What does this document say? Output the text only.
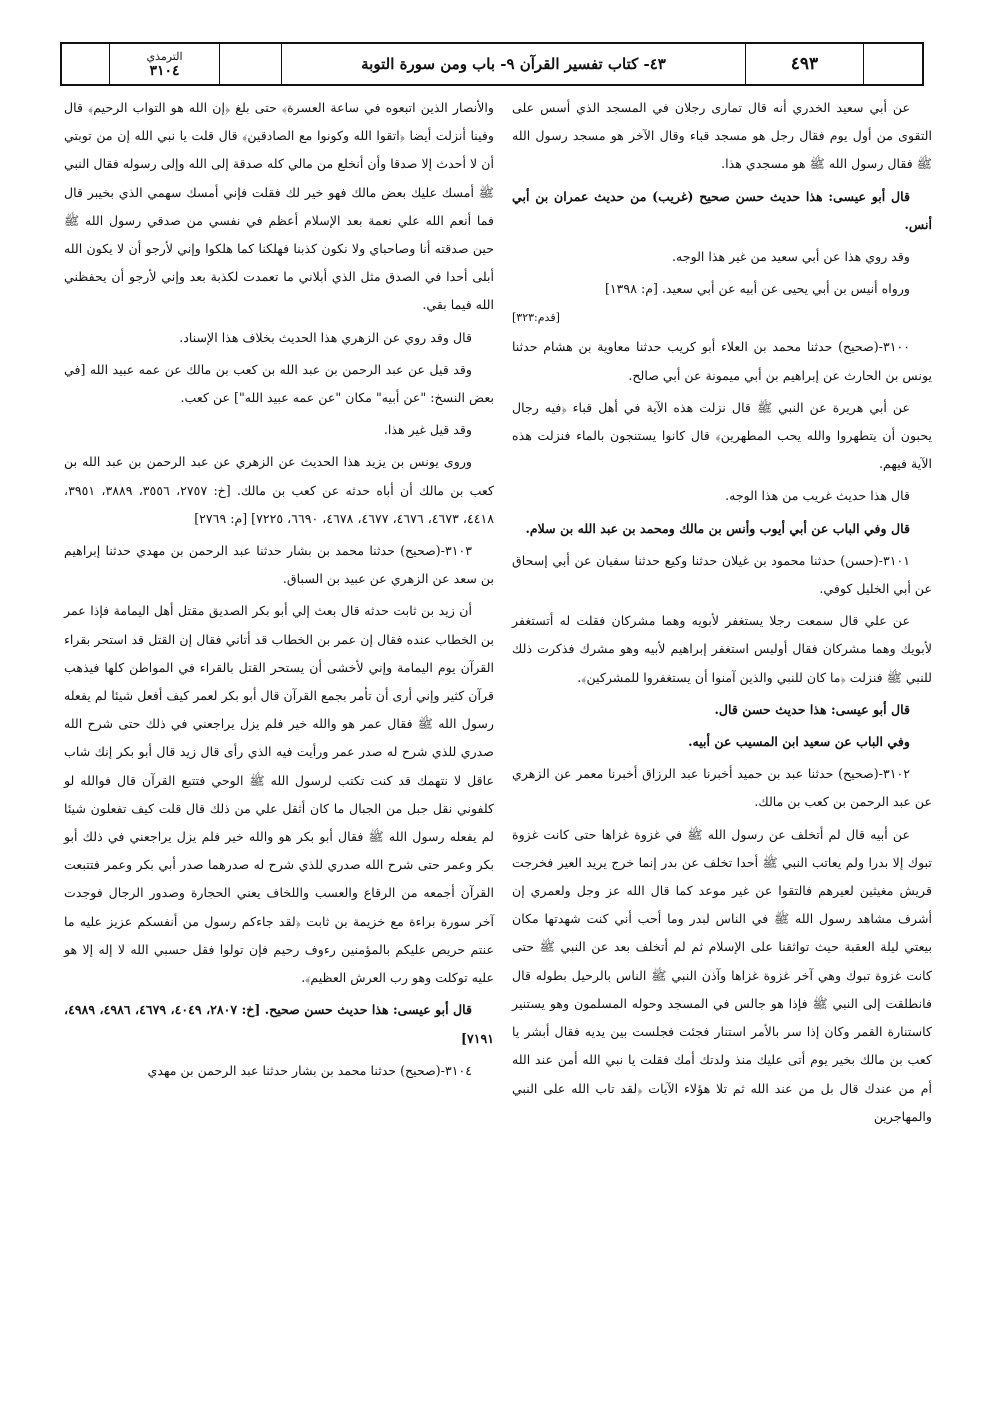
الترمذي
٣١٠٤	٤٣- كتاب تفسير القرآن ٩- باب ومن سورة التوبة	٤٩٣

عن أبي سعيد الخدري أنه قال تمارى رجلان في المسجد الذي أسس على التقوى من أول يوم فقال رجل هو مسجد قباء وقال الآخر هو مسجد رسول الله ﷺ فقال رسول الله ﷺ هو مسجدي هذا.

قال أبو عيسى: هذا حديث حسن صحيح (غريب) من حديث عمران بن أبي أنس.

وقد روي هذا عن أبي سعيد من غير هذا الوجه.

ورواه أنيس بن أبي يحيى عن أبيه عن أبي سعيد. [م: ١٣٩٨]

[قدم:٣٢٣]

٣١٠٠-(صحيح) حدثنا محمد بن العلاء أبو كريب حدثنا معاوية بن هشام حدثنا يونس بن الحارث عن إبراهيم بن أبي ميمونة عن أبي صالح.

عن أبي هريرة عن النبي ﷺ قال نزلت هذه الآية في أهل قباء ﴿فيه رجال يحبون أن يتطهروا والله يحب المطهرين﴾ قال كانوا يستنجون بالماء فنزلت هذه الآية فيهم.

قال هذا حديث غريب من هذا الوجه.

قال وفي الباب عن أبي أيوب وأنس بن مالك ومحمد بن عبد الله بن سلام.

٣١٠١-(حسن) حدثنا محمود بن غيلان حدثنا وكيع حدثنا سفيان عن أبي إسحاق عن أبي الخليل كوفي.

عن علي قال سمعت رجلا يستغفر لأبويه وهما مشركان فقلت له أتستغفر لأبويك وهما مشركان فقال أوليس استغفر إبراهيم لأبيه وهو مشرك فذكرت ذلك للنبي ﷺ فنزلت ﴿ما كان للنبي والذين آمنوا أن يستغفروا للمشركين﴾.

قال أبو عيسى: هذا حديث حسن قال.

وفي الباب عن سعيد ابن المسيب عن أبيه.

٣١٠٢-(صحيح) حدثنا عبد بن حميد أخبرنا عبد الرزاق أخبرنا معمر عن الزهري عن عبد الرحمن بن كعب بن مالك.

عن أبيه قال لم أتخلف عن رسول الله ﷺ في غزوة غزاها حتى كانت غزوة تبوك إلا بدرا ولم يعاتب النبي ﷺ أحدا تخلف عن بدر إنما خرج يريد العير فخرجت قريش مغيثين لعيرهم فالتقوا عن غير موعد كما قال الله عز وجل ولعمري إن أشرف مشاهد رسول الله ﷺ في الناس لبدر وما أحب أني كنت شهدتها مكان بيعتي ليلة العقبة حيث تواثقنا على الإسلام ثم لم أتخلف بعد عن النبي ﷺ حتى كانت غزوة تبوك وهي آخر غزوة غزاها وآذن النبي ﷺ الناس بالرحيل بطوله قال فانطلقت إلى النبي ﷺ فإذا هو جالس في المسجد وحوله المسلمون وهو يستنير كاستنارة القمر وكان إذا سر بالأمر استنار فجئت فجلست بين يديه فقال أبشر يا كعب بن مالك بخير يوم أتى عليك منذ ولدتك أمك فقلت يا نبي الله أمن عند الله أم من عندك قال بل من عند الله ثم تلا هؤلاء الآيات ﴿لقد تاب الله على النبي والمهاجرين

والأنصار الذين اتبعوه في ساعة العسرة﴾ حتى بلغ ﴿إن الله هو التواب الرحيم﴾ قال وفينا أنزلت أيضا ﴿اتقوا الله وكونوا مع الصادقين﴾ قال قلت يا نبي الله إن من توبتي أن لا أحدث إلا صدقا وأن أنخلع من مالي كله صدقة إلى الله وإلى رسوله فقال النبي ﷺ أمسك عليك بعض مالك فهو خير لك فقلت فإني أمسك سهمي الذي بخيبر قال فما أنعم الله علي نعمة بعد الإسلام أعظم في نفسي من صدقي رسول الله ﷺ حين صدقته أنا وصاحباي ولا نكون كذبنا فهلكنا كما هلكوا وإني لأرجو أن لا يكون الله أبلى أحدا في الصدق مثل الذي أبلاني ما تعمدت لكذبة بعد وإني لأرجو أن يحفظني الله فيما بقي.

قال وقد روي عن الزهري هذا الحديث بخلاف هذا الإسناد.

وقد قيل عن عبد الرحمن بن عبد الله بن كعب بن مالك عن عمه عبيد الله [في بعض النسخ: "عن أبيه" مكان "عن عمه عبيد الله"] عن كعب.

وقد قيل غير هذا.

وروى يونس بن يزيد هذا الحديث عن الزهري عن عبد الرحمن بن عبد الله بن كعب بن مالك أن أباه حدثه عن كعب بن مالك. [خ: ٢٧٥٧، ٣٥٥٦، ٣٨٨٩، ٣٩٥١، ٤٤١٨، ٤٦٧٣، ٤٦٧٦، ٤٦٧٧، ٤٦٧٨، ٦٦٩٠، ٧٢٢٥] [م: ٢٧٦٩]

٣١٠٣-(صحيح) حدثنا محمد بن بشار حدثنا عبد الرحمن بن مهدي حدثنا إبراهيم بن سعد عن الزهري عن عبيد بن السباق.

أن زيد بن ثابت حدثه قال بعث إلي أبو بكر الصديق مقتل أهل اليمامة فإذا عمر بن الخطاب عنده فقال إن عمر بن الخطاب قد أتاني فقال إن القتل قد استحر بقراء القرآن يوم اليمامة وإني لأخشى أن يستحر القتل بالقراء في المواطن كلها فيذهب قرآن كثير وإني أرى أن تأمر بجمع القرآن قال أبو بكر لعمر كيف أفعل شيئا لم يفعله رسول الله ﷺ فقال عمر هو والله خير فلم يزل يراجعني في ذلك حتى شرح الله صدري للذي شرح له صدر عمر ورأيت فيه الذي رأى قال زيد قال أبو بكر إنك شاب عاقل لا نتهمك قد كنت تكتب لرسول الله ﷺ الوحي فتتبع القرآن قال فوالله لو كلفوني نقل جبل من الجبال ما كان أثقل علي من ذلك قال قلت كيف تفعلون شيئا لم يفعله رسول الله ﷺ فقال أبو بكر هو والله خير فلم يزل يراجعني في ذلك أبو بكر وعمر حتى شرح الله صدري للذي شرح له صدرهما صدر أبي بكر وعمر فتتبعت القرآن أجمعه من الرقاع والعسب واللخاف يعني الحجارة وصدور الرجال فوجدت آخر سورة براءة مع خزيمة بن ثابت ﴿لقد جاءكم رسول من أنفسكم عزيز عليه ما عنتم حريص عليكم بالمؤمنين رءوف رحيم فإن تولوا فقل حسبي الله لا إله إلا هو عليه توكلت وهو رب العرش العظيم﴾.

قال أبو عيسى: هذا حديث حسن صحيح. [خ: ٢٨٠٧، ٤٠٤٩، ٤٦٧٩، ٤٩٨٦، ٤٩٨٩، ٧١٩١]

٣١٠٤-(صحيح) حدثنا محمد بن بشار حدثنا عبد الرحمن بن مهدي
